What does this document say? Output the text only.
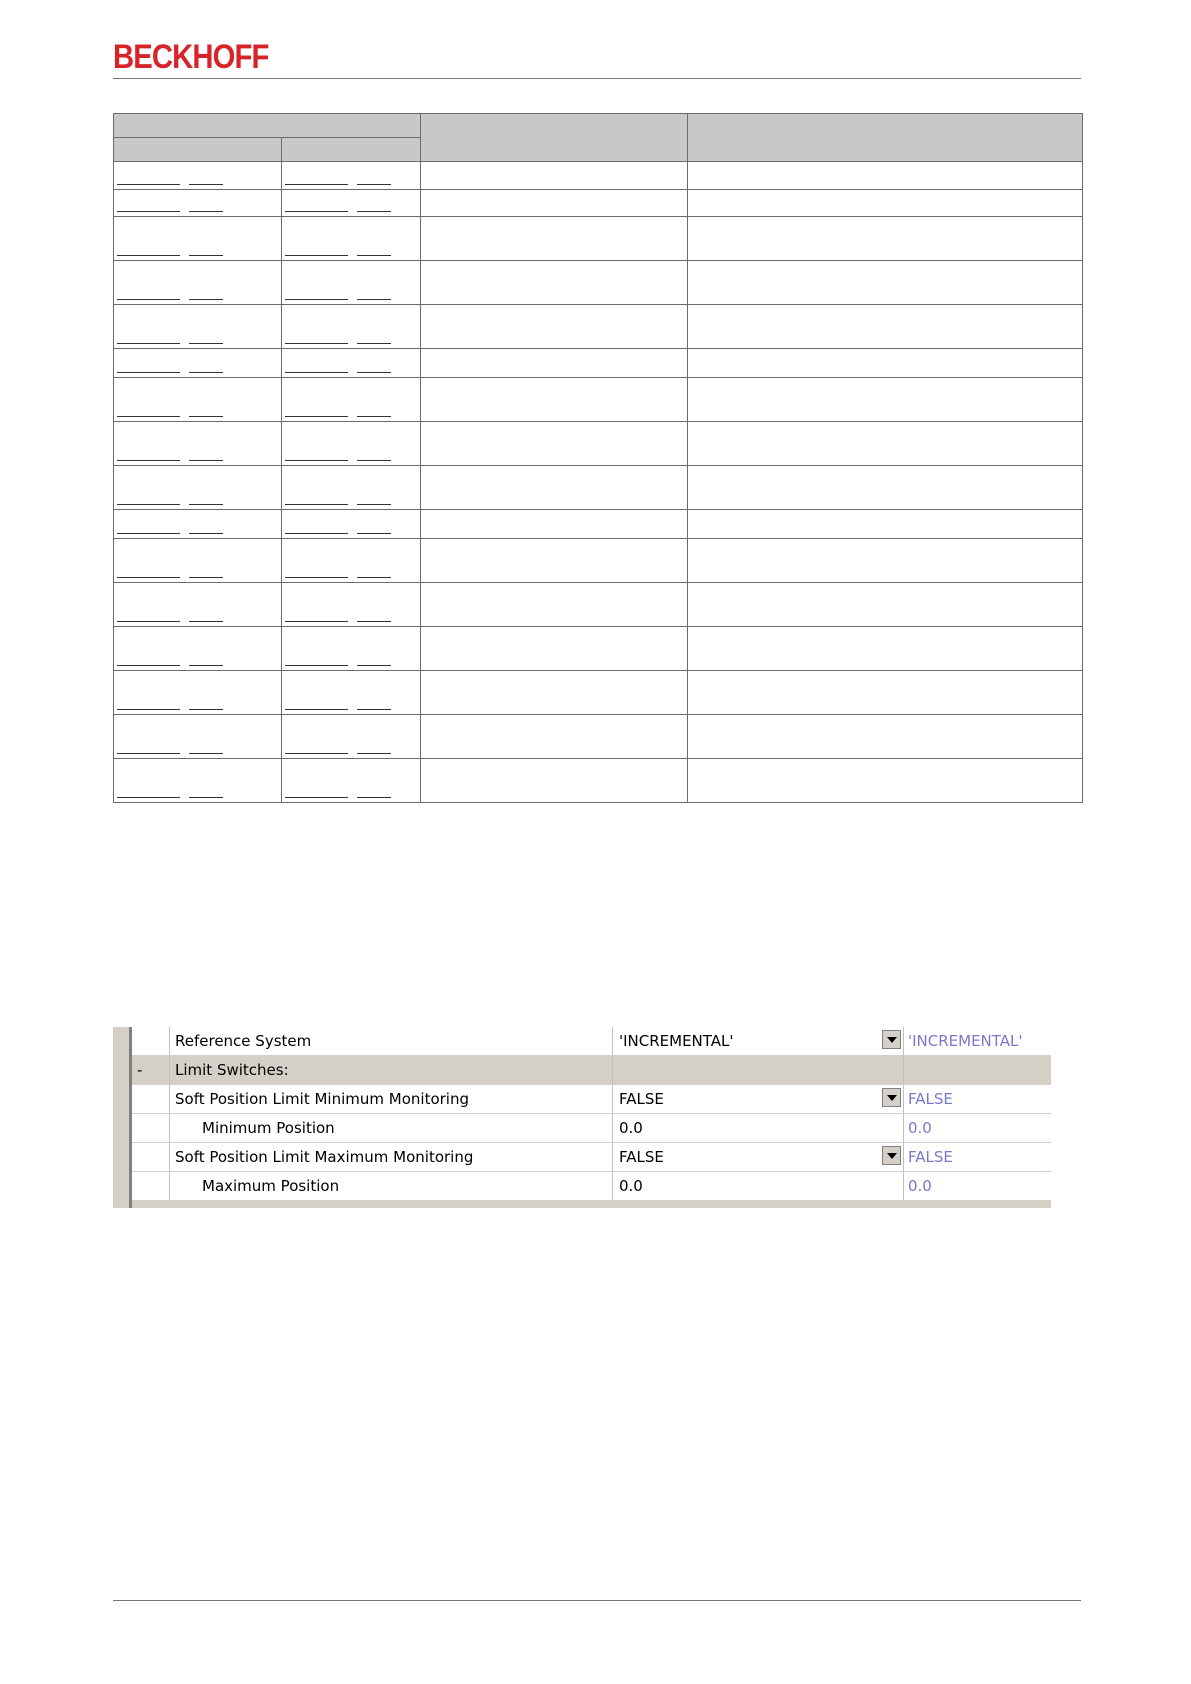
BECKHOFF

Reference System	'INCREMENTAL'	'INCREMENTAL'
- Limit Switches:
Soft Position Limit Minimum Monitoring	FALSE	FALSE
Minimum Position	0.0	0.0
Soft Position Limit Maximum Monitoring	FALSE	FALSE
Maximum Position	0.0	0.0
